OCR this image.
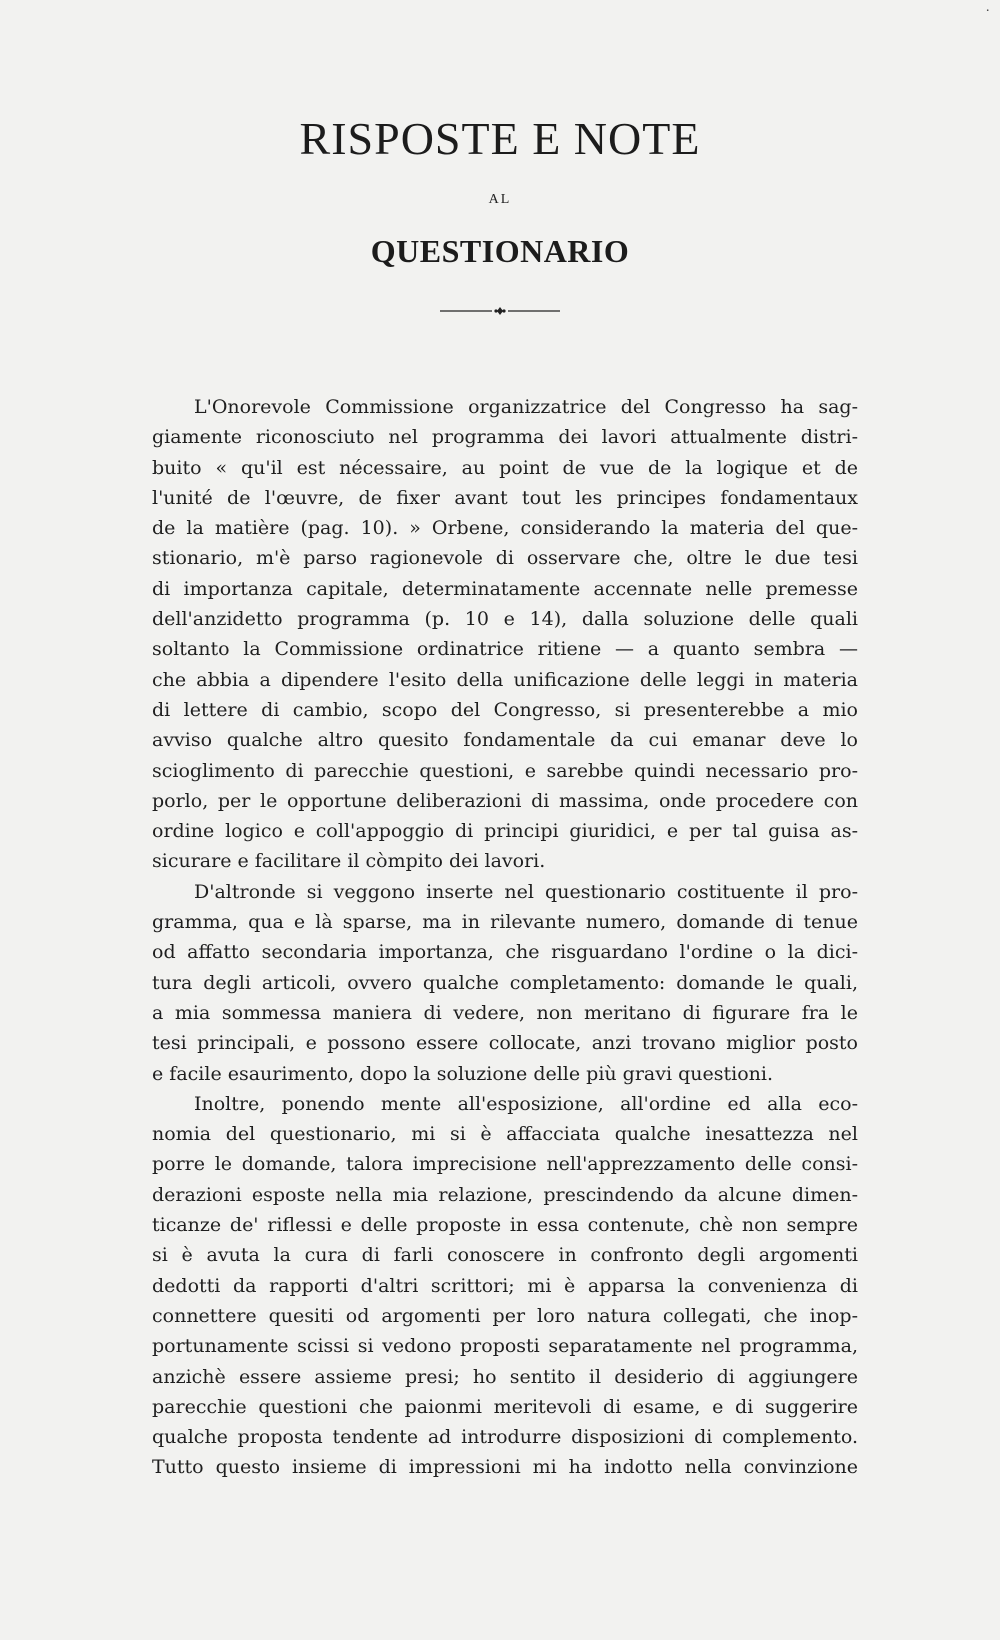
·
RISPOSTE E NOTE
AL
QUESTIONARIO
L'Onorevole Commissione organizzatrice del Congresso ha sag-
giamente riconosciuto nel programma dei lavori attualmente distri-
buito « qu'il est nécessaire, au point de vue de la logique et de
l'unité de l'œuvre, de fixer avant tout les principes fondamentaux
de la matière (pag. 10). » Orbene, considerando la materia del que-
stionario, m'è parso ragionevole di osservare che, oltre le due tesi
di importanza capitale, determinatamente accennate nelle premesse
dell'anzidetto programma (p. 10 e 14), dalla soluzione delle quali
soltanto la Commissione ordinatrice ritiene — a quanto sembra —
che abbia a dipendere l'esito della unificazione delle leggi in materia
di lettere di cambio, scopo del Congresso, si presenterebbe a mio
avviso qualche altro quesito fondamentale da cui emanar deve lo
scioglimento di parecchie questioni, e sarebbe quindi necessario pro-
porlo, per le opportune deliberazioni di massima, onde procedere con
ordine logico e coll'appoggio di principi giuridici, e per tal guisa as-
sicurare e facilitare il còmpito dei lavori.
D'altronde si veggono inserte nel questionario costituente il pro-
gramma, qua e là sparse, ma in rilevante numero, domande di tenue
od affatto secondaria importanza, che risguardano l'ordine o la dici-
tura degli articoli, ovvero qualche completamento: domande le quali,
a mia sommessa maniera di vedere, non meritano di figurare fra le
tesi principali, e possono essere collocate, anzi trovano miglior posto
e facile esaurimento, dopo la soluzione delle più gravi questioni.
Inoltre, ponendo mente all'esposizione, all'ordine ed alla eco-
nomia del questionario, mi si è affacciata qualche inesattezza nel
porre le domande, talora imprecisione nell'apprezzamento delle consi-
derazioni esposte nella mia relazione, prescindendo da alcune dimen-
ticanze de' riflessi e delle proposte in essa contenute, chè non sempre
si è avuta la cura di farli conoscere in confronto degli argomenti
dedotti da rapporti d'altri scrittori; mi è apparsa la convenienza di
connettere quesiti od argomenti per loro natura collegati, che inop-
portunamente scissi si vedono proposti separatamente nel programma,
anzichè essere assieme presi; ho sentito il desiderio di aggiungere
parecchie questioni che paionmi meritevoli di esame, e di suggerire
qualche proposta tendente ad introdurre disposizioni di complemento.
Tutto questo insieme di impressioni mi ha indotto nella convinzione
